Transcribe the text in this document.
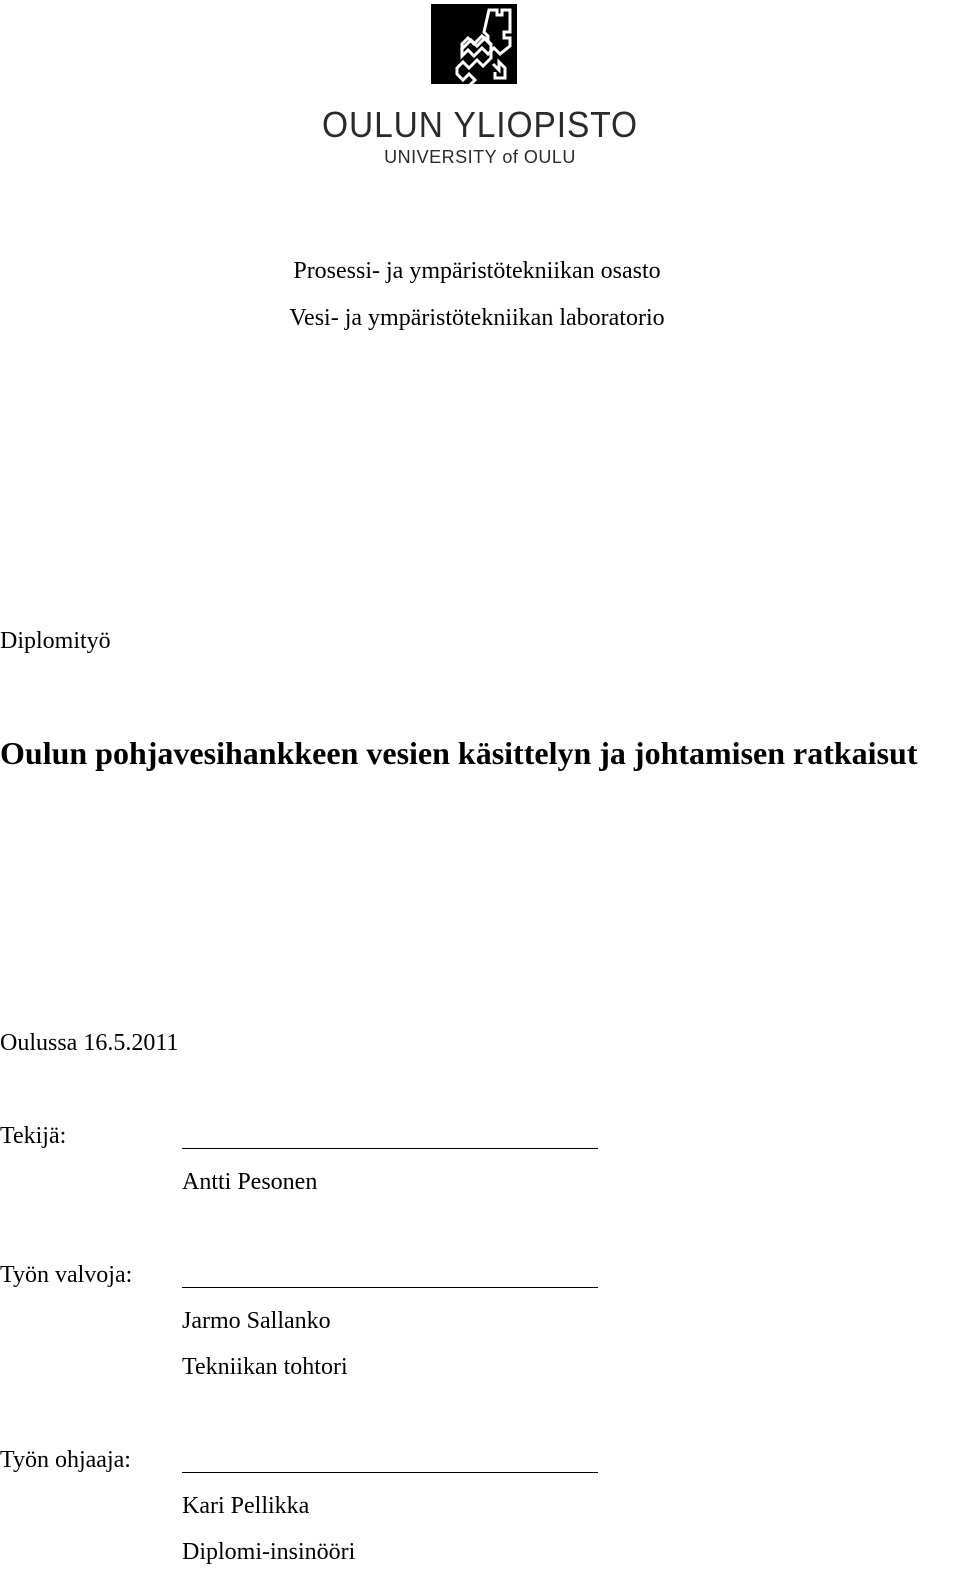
OULUN YLIOPISTO
UNIVERSITY of OULU
Prosessi- ja ympäristötekniikan osasto
Vesi- ja ympäristötekniikan laboratorio
Diplomityö
Oulun pohjavesihankkeen vesien käsittelyn ja johtamisen ratkaisut
Oulussa 16.5.2011
Tekijä:
Antti Pesonen
Työn valvoja:
Jarmo Sallanko
Tekniikan tohtori
Työn ohjaaja:
Kari Pellikka
Diplomi-insinööri
